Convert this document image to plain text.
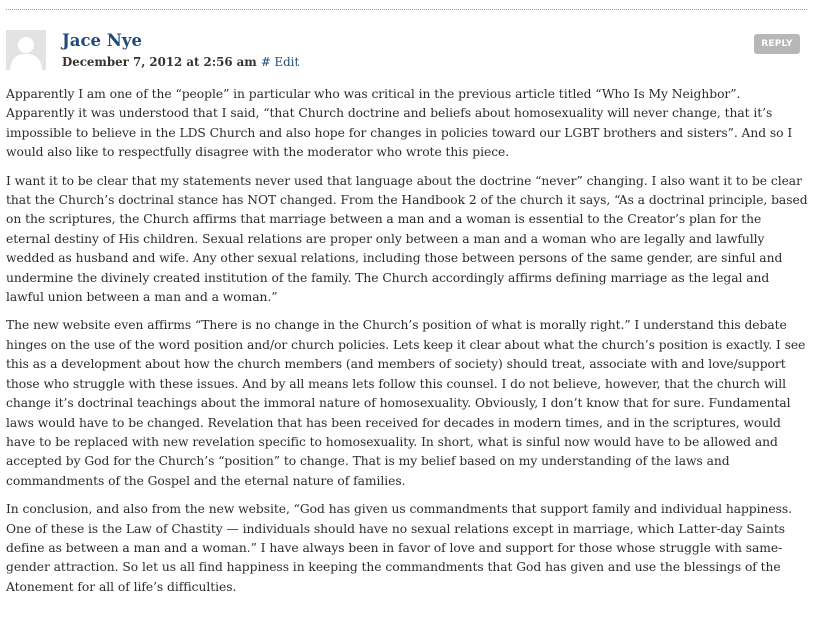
Jace Nye
December 7, 2012 at 2:56 am # Edit
REPLY

Apparently I am one of the “people” in particular who was critical in the previous article titled “Who Is My Neighbor”. Apparently it was understood that I said, “that Church doctrine and beliefs about homosexuality will never change, that it’s impossible to believe in the LDS Church and also hope for changes in policies toward our LGBT brothers and sisters”. And so I would also like to respectfully disagree with the moderator who wrote this piece.

I want it to be clear that my statements never used that language about the doctrine “never” changing. I also want it to be clear that the Church’s doctrinal stance has NOT changed. From the Handbook 2 of the church it says, “As a doctrinal principle, based on the scriptures, the Church affirms that marriage between a man and a woman is essential to the Creator’s plan for the eternal destiny of His children. Sexual relations are proper only between a man and a woman who are legally and lawfully wedded as husband and wife. Any other sexual relations, including those between persons of the same gender, are sinful and undermine the divinely created institution of the family. The Church accordingly affirms defining marriage as the legal and lawful union between a man and a woman.”

The new website even affirms “There is no change in the Church’s position of what is morally right.” I understand this debate hinges on the use of the word position and/or church policies. Lets keep it clear about what the church’s position is exactly. I see this as a development about how the church members (and members of society) should treat, associate with and love/support those who struggle with these issues. And by all means lets follow this counsel. I do not believe, however, that the church will change it’s doctrinal teachings about the immoral nature of homosexuality. Obviously, I don’t know that for sure. Fundamental laws would have to be changed. Revelation that has been received for decades in modern times, and in the scriptures, would have to be replaced with new revelation specific to homosexuality. In short, what is sinful now would have to be allowed and accepted by God for the Church’s “position” to change. That is my belief based on my understanding of the laws and commandments of the Gospel and the eternal nature of families.

In conclusion, and also from the new website, “God has given us commandments that support family and individual happiness. One of these is the Law of Chastity — individuals should have no sexual relations except in marriage, which Latter-day Saints define as between a man and a woman.” I have always been in favor of love and support for those whose struggle with same-gender attraction. So let us all find happiness in keeping the commandments that God has given and use the blessings of the Atonement for all of life’s difficulties.
